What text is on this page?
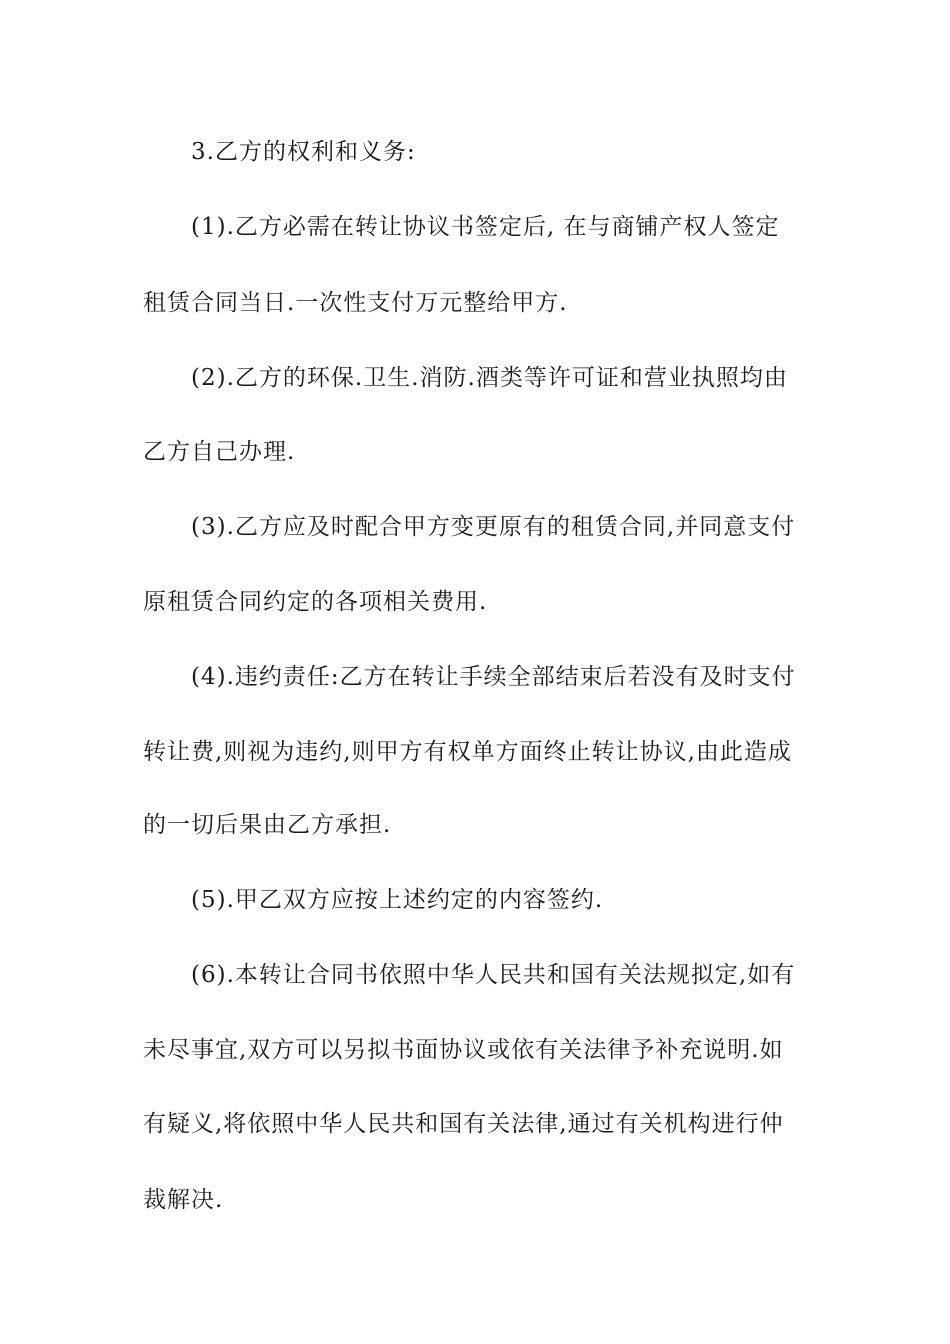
3.乙方的权利和义务:
(1).乙方必需在转让协议书签定后, 在与商铺产权人签定
租赁合同当日.一次性支付万元整给甲方.
(2).乙方的环保.卫生.消防.酒类等许可证和营业执照均由
乙方自己办理.
(3).乙方应及时配合甲方变更原有的租赁合同,并同意支付
原租赁合同约定的各项相关费用.
(4).违约责任:乙方在转让手续全部结束后若没有及时支付
转让费,则视为违约,则甲方有权单方面终止转让协议,由此造成
的一切后果由乙方承担.
(5).甲乙双方应按上述约定的内容签约.
(6).本转让合同书依照中华人民共和国有关法规拟定,如有
未尽事宜,双方可以另拟书面协议或依有关法律予补充说明.如
有疑义,将依照中华人民共和国有关法律,通过有关机构进行仲
裁解决.
